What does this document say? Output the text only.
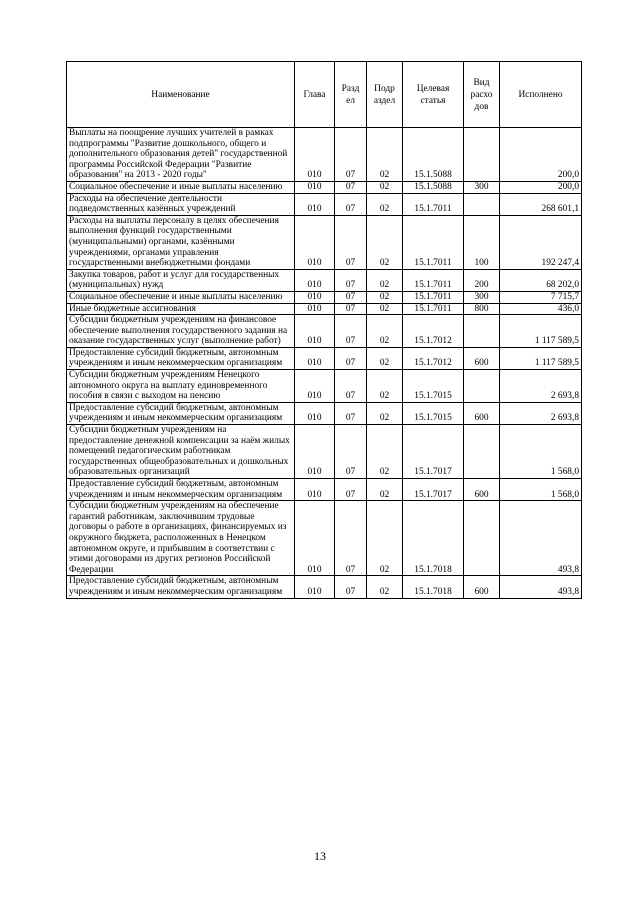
Наименование	Глава	Разд ел	Подр аздел	Целевая статья	Вид расхо дов	Исполнено
Выплаты на поощрение лучших учителей в рамках подпрограммы "Развитие дошкольного, общего и дополнительного образования детей" государственной программы Российской Федерации "Развитие образования" на 2013 - 2020 годы"	010	07	02	15.1.5088		200,0
Социальное обеспечение и иные выплаты населению	010	07	02	15.1.5088	300	200,0
Расходы на обеспечение деятельности подведомственных казённых учреждений	010	07	02	15.1.7011		268 601,1
Расходы на выплаты персоналу в целях обеспечения выполнения функций государственными (муниципальными) органами, казёнными учреждениями, органами управления государственными внебюджетными фондами	010	07	02	15.1.7011	100	192 247,4
Закупка товаров, работ и услуг для государственных (муниципальных) нужд	010	07	02	15.1.7011	200	68 202,0
Социальное обеспечение и иные выплаты населению	010	07	02	15.1.7011	300	7 715,7
Иные бюджетные ассигнования	010	07	02	15.1.7011	800	436,0
Субсидии бюджетным учреждениям на финансовое обеспечение выполнения государственного задания на оказание государственных услуг (выполнение работ)	010	07	02	15.1.7012		1 117 589,5
Предоставление субсидий бюджетным, автономным учреждениям и иным некоммерческим организациям	010	07	02	15.1.7012	600	1 117 589,5
Субсидии бюджетным учреждениям Ненецкого автономного округа на выплату единовременного пособия в связи с выходом на пенсию	010	07	02	15.1.7015		2 693,8
Предоставление субсидий бюджетным, автономным учреждениям и иным некоммерческим организациям	010	07	02	15.1.7015	600	2 693,8
Субсидии бюджетным учреждениям на предоставление денежной компенсации за наём жилых помещений педагогическим работникам государственных общеобразовательных и дошкольных образовательных организаций	010	07	02	15.1.7017		1 568,0
Предоставление субсидий бюджетным, автономным учреждениям и иным некоммерческим организациям	010	07	02	15.1.7017	600	1 568,0
Субсидии бюджетным учреждениям на обеспечение гарантий работникам, заключившим трудовые договоры о работе в организациях, финансируемых из окружного бюджета, расположенных в Ненецком автономном округе, и прибывшим в соответствии с этими договорами из других регионов Российской Федерации	010	07	02	15.1.7018		493,8
Предоставление субсидий бюджетным, автономным учреждениям и иным некоммерческим организациям	010	07	02	15.1.7018	600	493,8
13
